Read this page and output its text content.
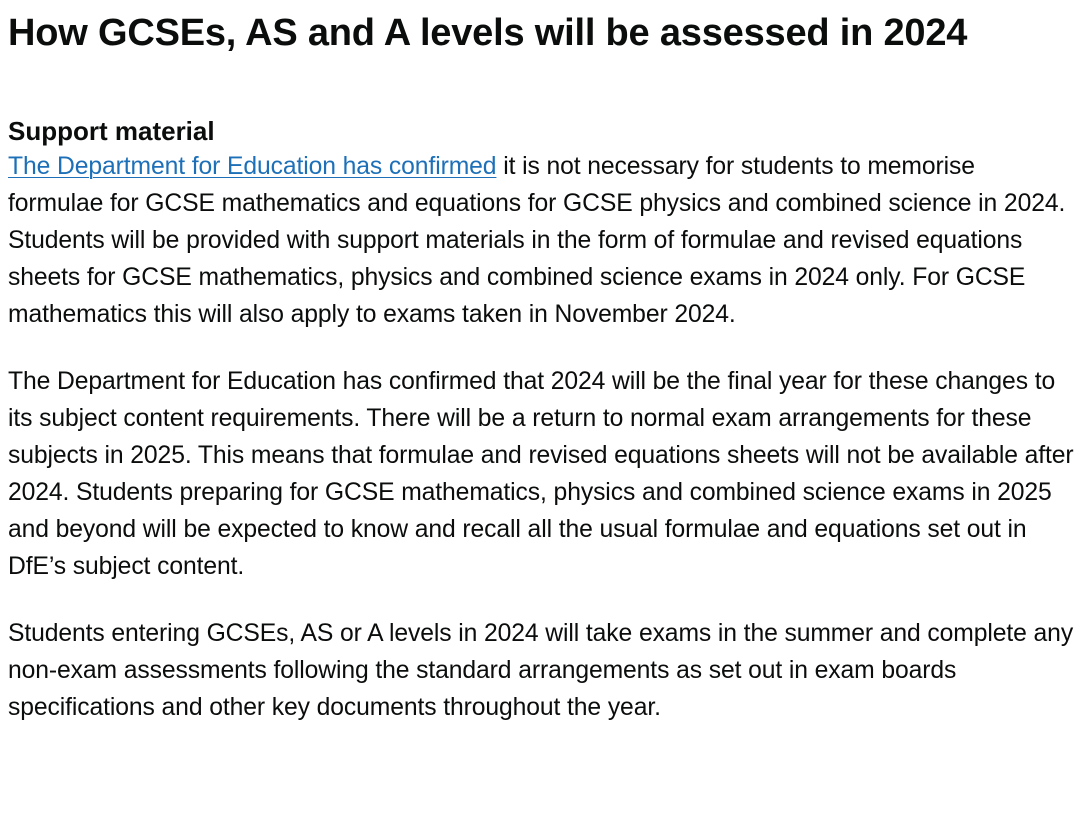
How GCSEs, AS and A levels will be assessed in 2024
Support material

The Department for Education has confirmed it is not necessary for students to memorise formulae for GCSE mathematics and equations for GCSE physics and combined science in 2024. Students will be provided with support materials in the form of formulae and revised equations sheets for GCSE mathematics, physics and combined science exams in 2024 only. For GCSE mathematics this will also apply to exams taken in November 2024.

The Department for Education has confirmed that 2024 will be the final year for these changes to its subject content requirements. There will be a return to normal exam arrangements for these subjects in 2025. This means that formulae and revised equations sheets will not be available after 2024. Students preparing for GCSE mathematics, physics and combined science exams in 2025 and beyond will be expected to know and recall all the usual formulae and equations set out in DfE’s subject content.

Students entering GCSEs, AS or A levels in 2024 will take exams in the summer and complete any non-exam assessments following the standard arrangements as set out in exam boards specifications and other key documents throughout the year.
